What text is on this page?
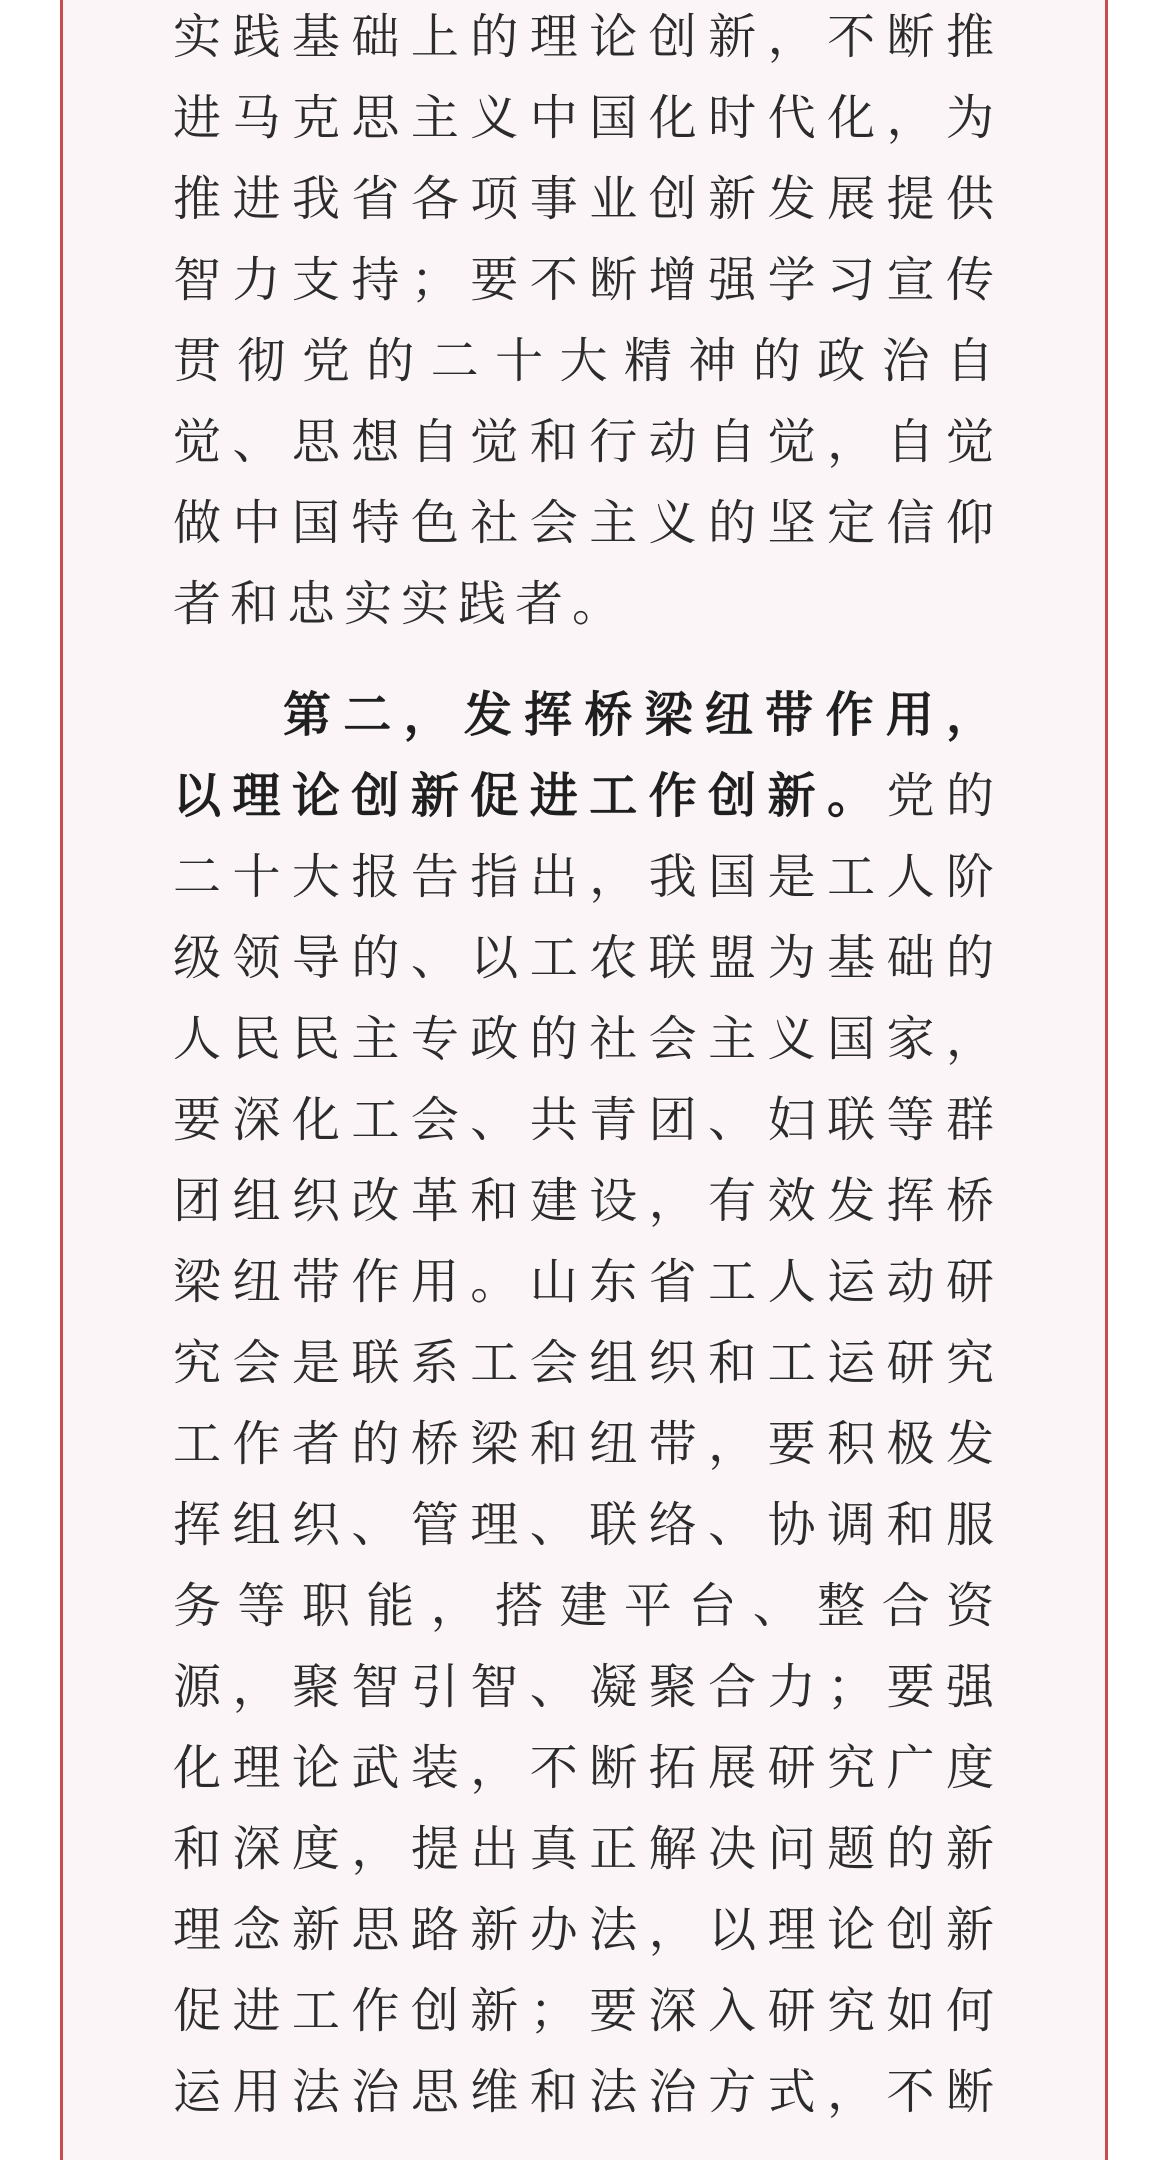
实践基础上的理论创新，不断推
进马克思主义中国化时代化，为
推进我省各项事业创新发展提供
智力支持；要不断增强学习宣传
贯彻党的二十大精神的政治自
觉、思想自觉和行动自觉，自觉
做中国特色社会主义的坚定信仰
者和忠实实践者。
第二，发挥桥梁纽带作用，
以理论创新促进工作创新。党的
二十大报告指出，我国是工人阶
级领导的、以工农联盟为基础的
人民民主专政的社会主义国家，
要深化工会、共青团、妇联等群
团组织改革和建设，有效发挥桥
梁纽带作用。山东省工人运动研
究会是联系工会组织和工运研究
工作者的桥梁和纽带，要积极发
挥组织、管理、联络、协调和服
务等职能，搭建平台、整合资
源，聚智引智、凝聚合力；要强
化理论武装，不断拓展研究广度
和深度，提出真正解决问题的新
理念新思路新办法，以理论创新
促进工作创新；要深入研究如何
运用法治思维和法治方式，不断
